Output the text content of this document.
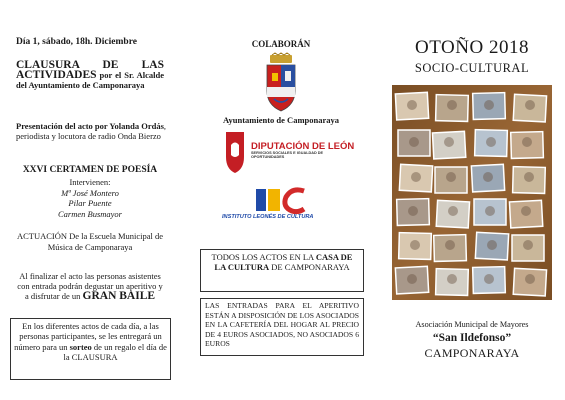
Día 1, sábado, 18h. Diciembre

CLAUSURA DE LAS ACTIVIDADES por el Sr. Alcalde del Ayuntamiento de Camponaraya

Presentación del acto por Yolanda Ordás, periodista y locutora de radio Onda Bierzo

XXVI CERTAMEN DE POESÍA

Intervienen:
Mª José Montero
Pilar Puente
Carmen Busmayor

ACTUACIÓN De la Escuela Municipal de Música de Camponaraya

Al finalizar el acto las personas asistentes con entrada podrán degustar un aperitivo y a disfrutar de un GRAN BAILE

En los diferentes actos de cada día, a las personas participantes, se les entregará un número para un sorteo de un regalo el día de la CLAUSURA

COLABORÁN

Ayuntamiento de Camponaraya

DIPUTACIÓN DE LEÓN
SERVICIOS SOCIALES E IGUALDAD DE OPORTUNIDADES
INSTITUTO LEONÉS DE CULTURA
TODOS LOS ACTOS EN LA CASA DE LA CULTURA DE CAMPONARAYA
LAS ENTRADAS PARA EL APERITIVO ESTÁN A DISPOSICIÓN DE LOS ASOCIADOS EN LA CAFETERÍA DEL HOGAR AL PRECIO DE 4 EUROS ASOCIADOS, NO ASOCIADOS 6 EUROS

OTOÑO 2018

SOCIO-CULTURAL

Asociación Municipal de Mayores

“San Ildefonso”

CAMPONARAYA
